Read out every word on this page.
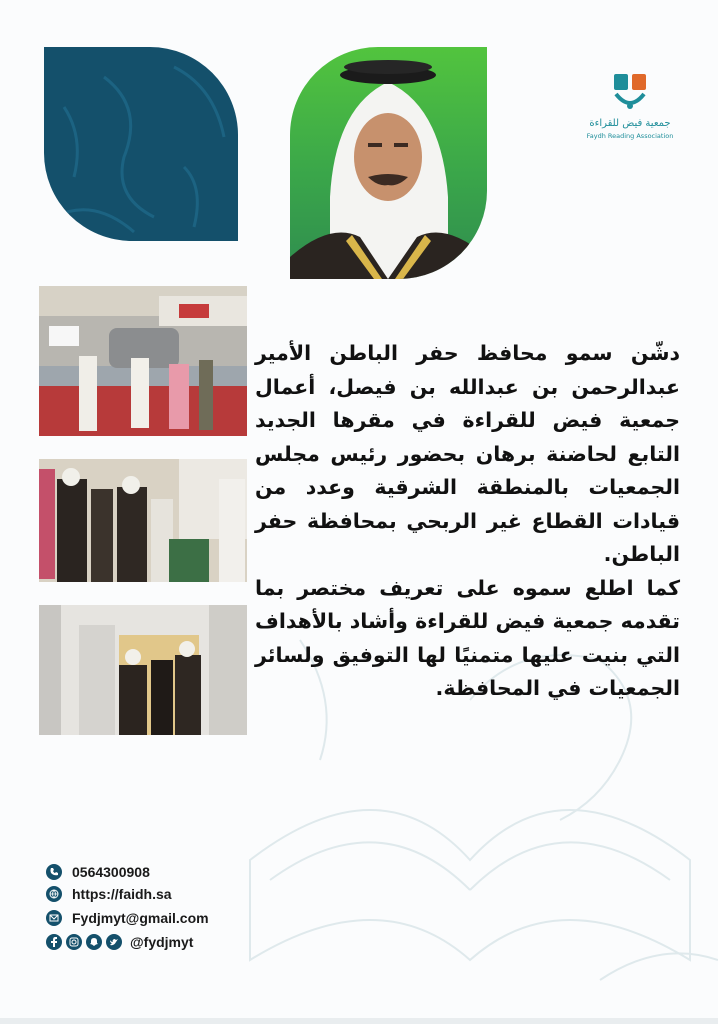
جمعية فيض للقراءة
Faydh Reading Association

دشّن سمو محافظ حفر الباطن الأمير عبدالرحمن بن عبدالله بن فيصل، أعمال جمعية فيض للقراءة في مقرها الجديد التابع لحاضنة برهان بحضور رئيس مجلس الجمعيات بالمنطقة الشرقية وعدد من قيادات القطاع غير الربحي بمحافظة حفر الباطن.

كما اطلع سموه على تعريف مختصر بما تقدمه جمعية فيض للقراءة وأشاد بالأهداف التي بنيت عليها متمنيًا لها التوفيق ولسائر الجمعيات في المحافظة.

0564300908
https://faidh.sa
Fydjmyt@gmail.com
@fydjmyt
